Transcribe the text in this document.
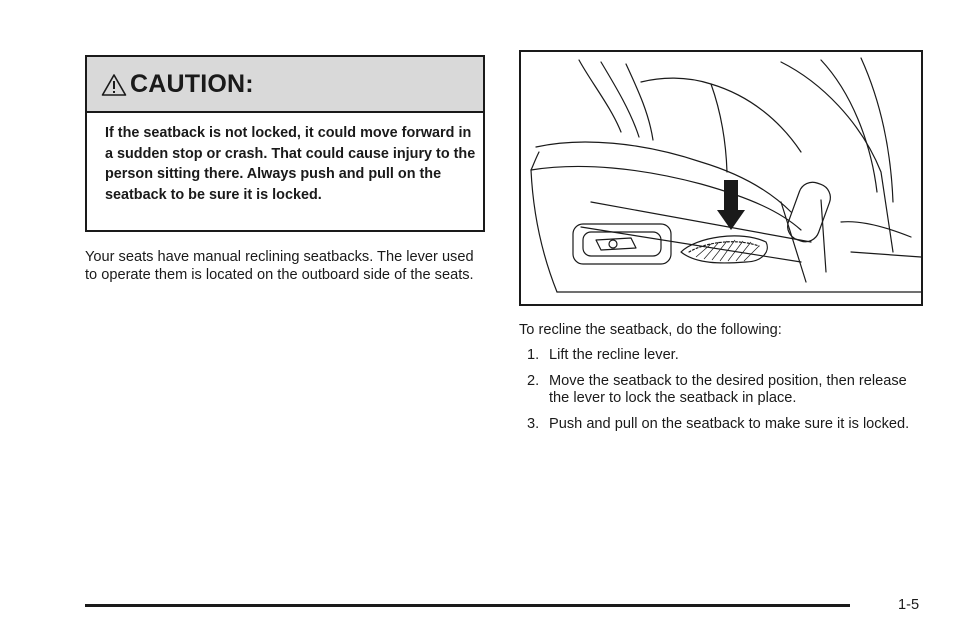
CAUTION:
If the seatback is not locked, it could move forward in a sudden stop or crash. That could cause injury to the person sitting there. Always push and pull on the seatback to be sure it is locked.
Your seats have manual reclining seatbacks. The lever used to operate them is located on the outboard side of the seats.
To recline the seatback, do the following:
1. Lift the recline lever.
2. Move the seatback to the desired position, then release the lever to lock the seatback in place.
3. Push and pull on the seatback to make sure it is locked.
1-5
